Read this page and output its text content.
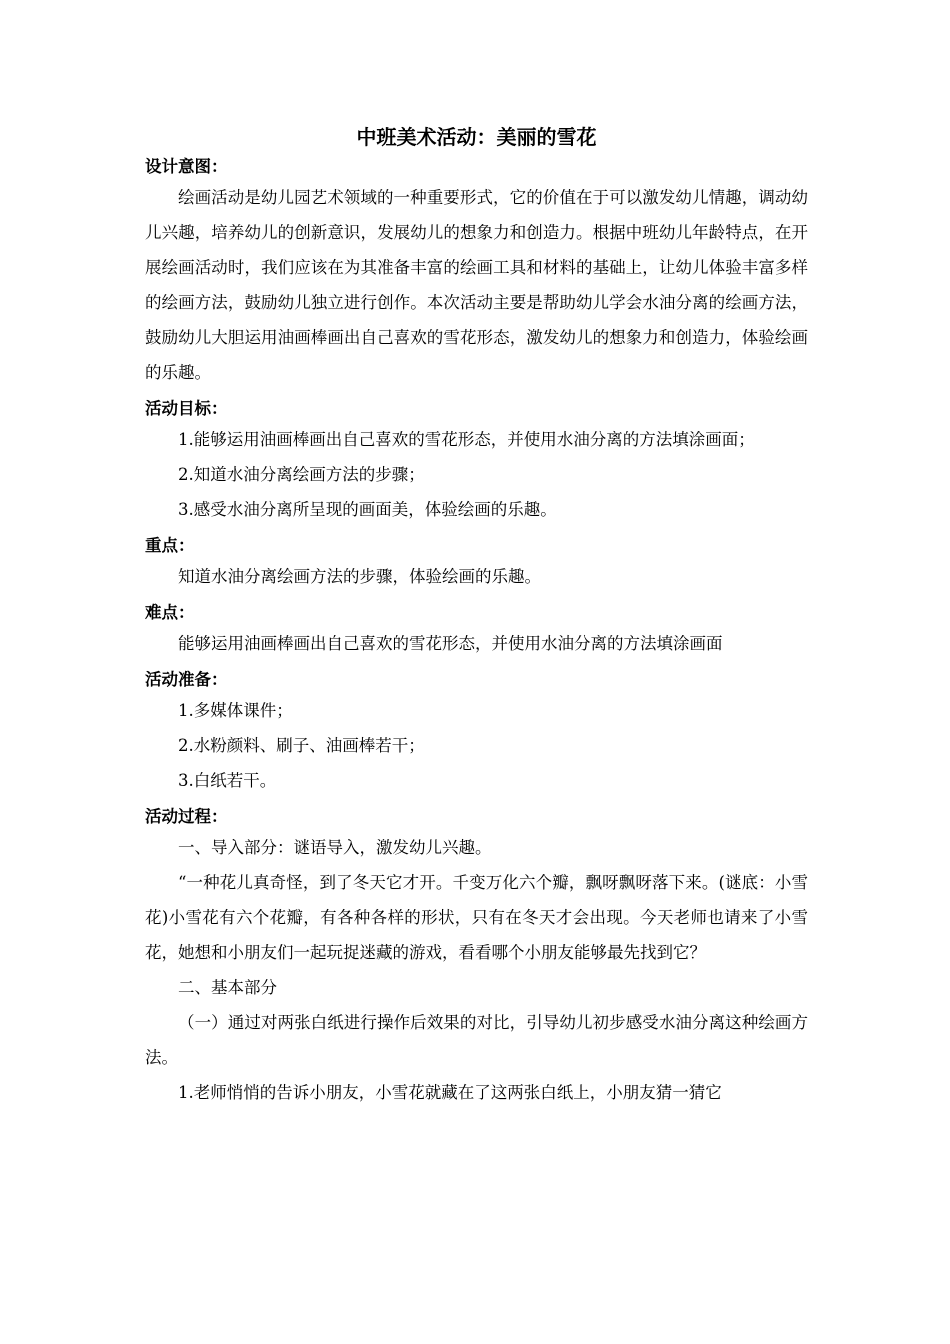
中班美术活动：美丽的雪花

设计意图：

绘画活动是幼儿园艺术领域的一种重要形式，它的价值在于可以激发幼儿情趣，调动幼儿兴趣，培养幼儿的创新意识，发展幼儿的想象力和创造力。根据中班幼儿年龄特点，在开展绘画活动时，我们应该在为其准备丰富的绘画工具和材料的基础上，让幼儿体验丰富多样的绘画方法，鼓励幼儿独立进行创作。本次活动主要是帮助幼儿学会水油分离的绘画方法，鼓励幼儿大胆运用油画棒画出自己喜欢的雪花形态，激发幼儿的想象力和创造力，体验绘画的乐趣。

活动目标：

1.能够运用油画棒画出自己喜欢的雪花形态，并使用水油分离的方法填涂画面；

2.知道水油分离绘画方法的步骤；

3.感受水油分离所呈现的画面美，体验绘画的乐趣。

重点：

知道水油分离绘画方法的步骤，体验绘画的乐趣。

难点：

能够运用油画棒画出自己喜欢的雪花形态，并使用水油分离的方法填涂画面

活动准备：

1.多媒体课件；

2.水粉颜料、刷子、油画棒若干；

3.白纸若干。

活动过程：

一、导入部分：谜语导入，激发幼儿兴趣。

“一种花儿真奇怪，到了冬天它才开。千变万化六个瓣，飘呀飘呀落下来。(谜底：小雪花)小雪花有六个花瓣，有各种各样的形状，只有在冬天才会出现。今天老师也请来了小雪花，她想和小朋友们一起玩捉迷藏的游戏，看看哪个小朋友能够最先找到它？

二、基本部分

（一）通过对两张白纸进行操作后效果的对比，引导幼儿初步感受水油分离这种绘画方法。

1.老师悄悄的告诉小朋友，小雪花就藏在了这两张白纸上，小朋友猜一猜它
